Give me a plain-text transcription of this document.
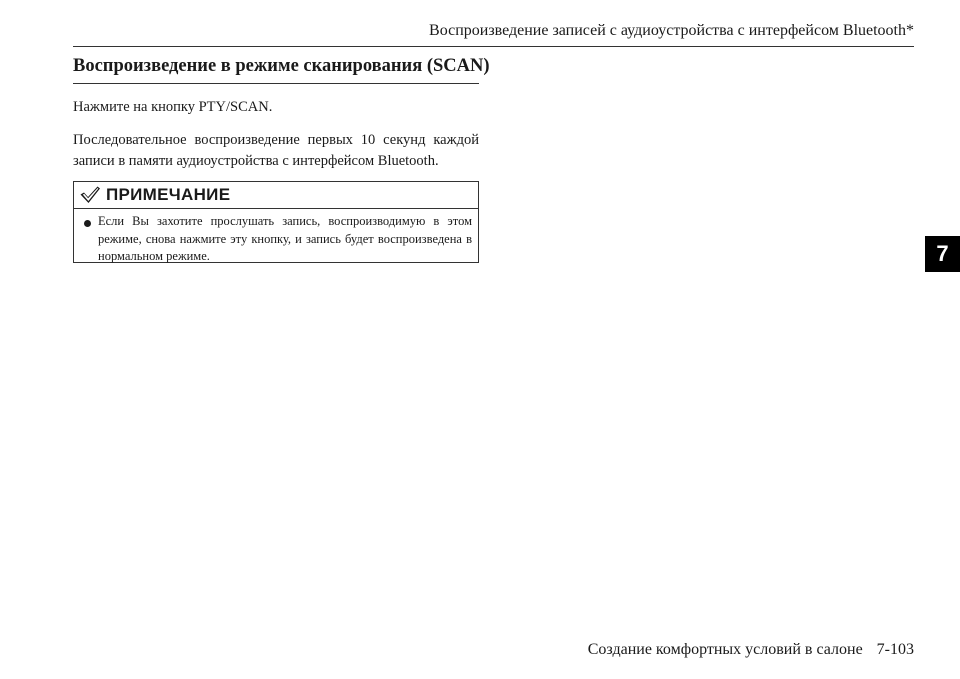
Воспроизведение записей с аудиоустройства с интерфейсом Bluetooth*
Воспроизведение в режиме сканирования (SCAN)
Нажмите на кнопку PTY/SCAN.
Последовательное воспроизведение первых 10 секунд каждой записи в памяти аудиоустройства с интерфейсом Bluetooth.
ПРИМЕЧАНИЕ
Если Вы захотите прослушать запись, воспроизводимую в этом режиме, снова нажмите эту кнопку, и запись будет воспроизведена в нормальном режиме.	7
Создание комфортных условий в салоне 7-103
